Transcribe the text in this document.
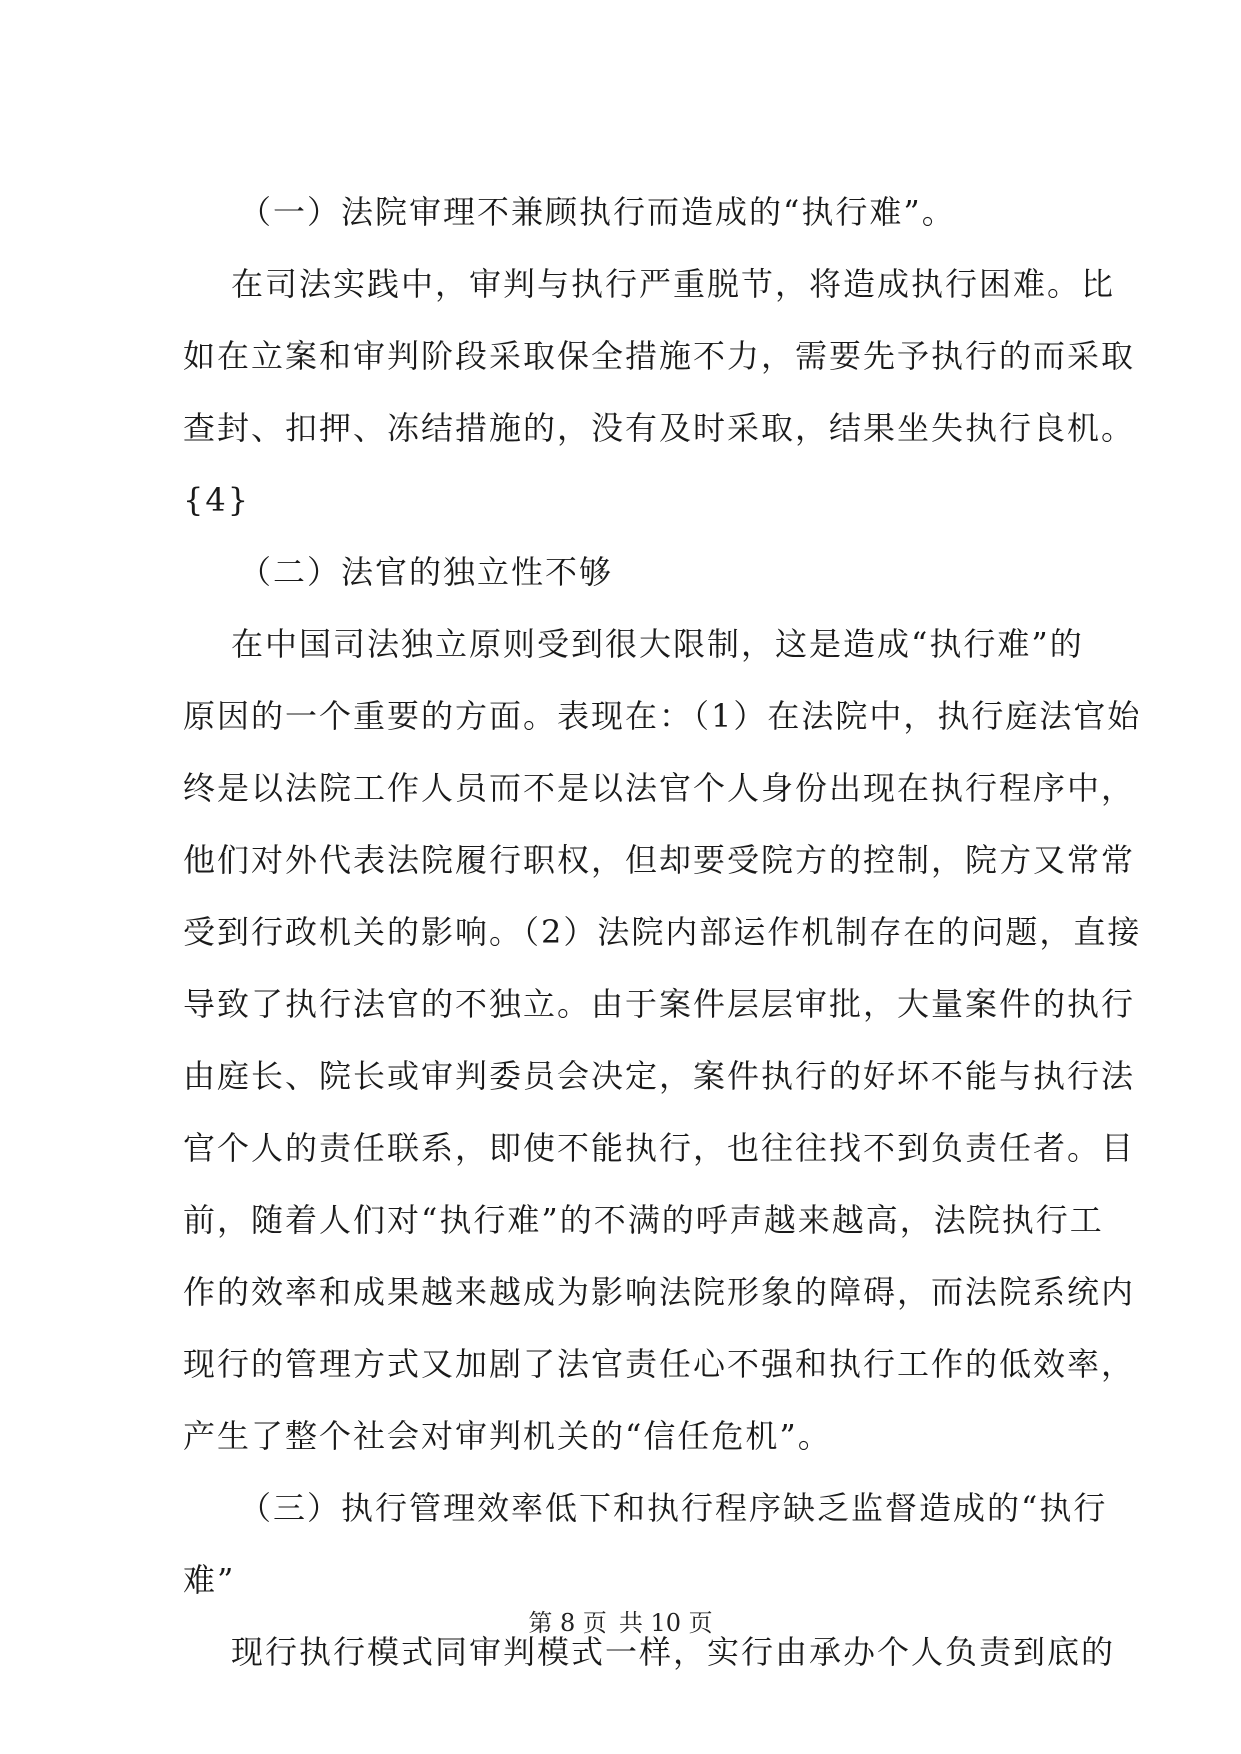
（一）法院审理不兼顾执行而造成的“执行难”。
在司法实践中，审判与执行严重脱节，将造成执行困难。比
如在立案和审判阶段采取保全措施不力，需要先予执行的而采取
查封、扣押、冻结措施的，没有及时采取，结果坐失执行良机。
{4}
（二）法官的独立性不够
在中国司法独立原则受到很大限制，这是造成“执行难”的
原因的一个重要的方面。表现在：（1）在法院中，执行庭法官始
终是以法院工作人员而不是以法官个人身份出现在执行程序中，
他们对外代表法院履行职权，但却要受院方的控制，院方又常常
受到行政机关的影响。（2）法院内部运作机制存在的问题，直接
导致了执行法官的不独立。由于案件层层审批，大量案件的执行
由庭长、院长或审判委员会决定，案件执行的好坏不能与执行法
官个人的责任联系，即使不能执行，也往往找不到负责任者。目
前，随着人们对“执行难”的不满的呼声越来越高，法院执行工
作的效率和成果越来越成为影响法院形象的障碍，而法院系统内
现行的管理方式又加剧了法官责任心不强和执行工作的低效率，
产生了整个社会对审判机关的“信任危机”。
（三）执行管理效率低下和执行程序缺乏监督造成的“执行
难”
现行执行模式同审判模式一样，实行由承办个人负责到底的
第 8 页 共 10 页
